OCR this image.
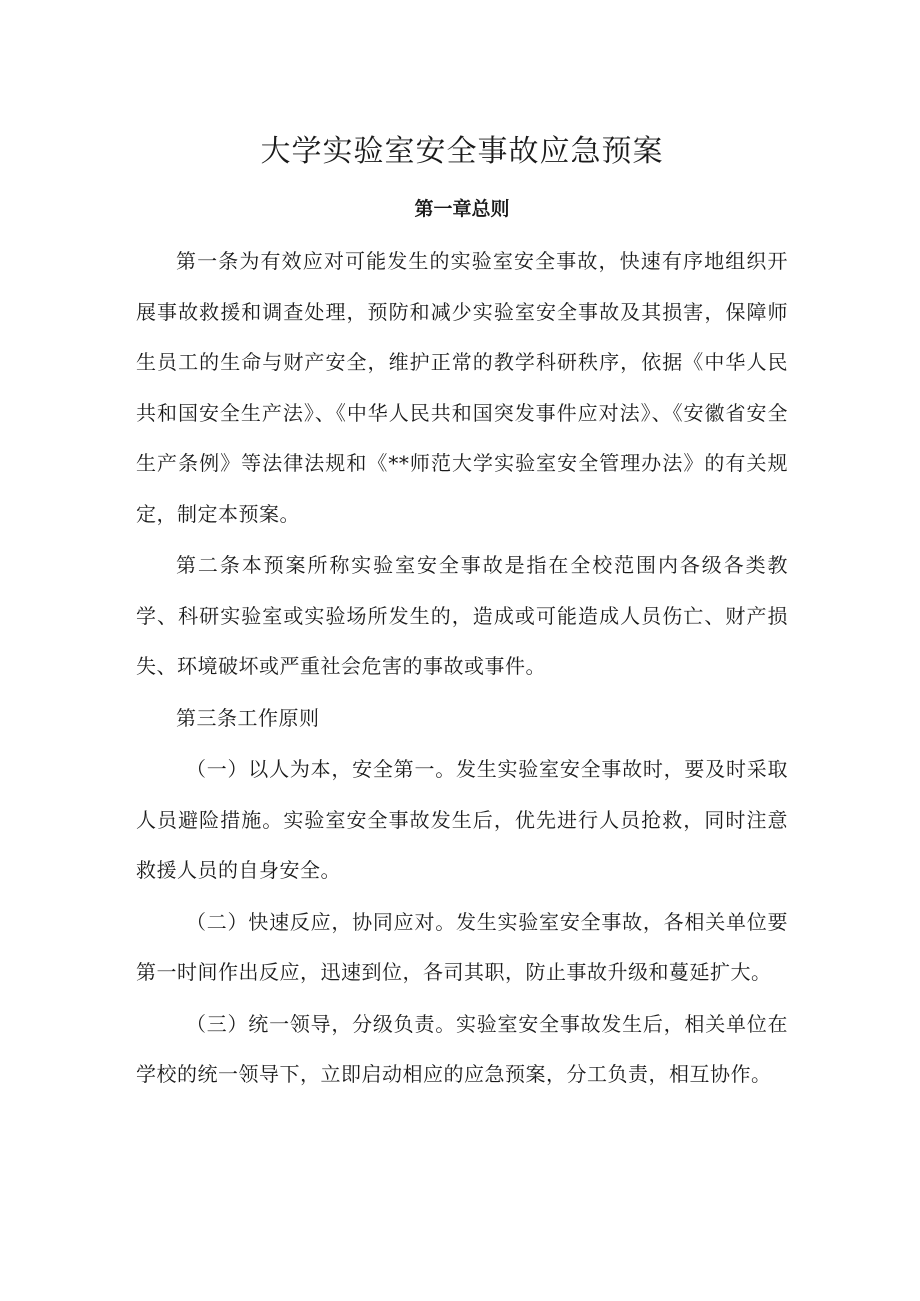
大学实验室安全事故应急预案
第一章总则

第一条为有效应对可能发生的实验室安全事故，快速有序地组织开展事故救援和调查处理，预防和减少实验室安全事故及其损害，保障师生员工的生命与财产安全，维护正常的教学科研秩序，依据《中华人民共和国安全生产法》、《中华人民共和国突发事件应对法》、《安徽省安全生产条例》等法律法规和《**师范大学实验室安全管理办法》的有关规定，制定本预案。

第二条本预案所称实验室安全事故是指在全校范围内各级各类教学、科研实验室或实验场所发生的，造成或可能造成人员伤亡、财产损失、环境破坏或严重社会危害的事故或事件。

第三条工作原则

（一）以人为本，安全第一。发生实验室安全事故时，要及时采取人员避险措施。实验室安全事故发生后，优先进行人员抢救，同时注意救援人员的自身安全。

（二）快速反应，协同应对。发生实验室安全事故，各相关单位要第一时间作出反应，迅速到位，各司其职，防止事故升级和蔓延扩大。

（三）统一领导，分级负责。实验室安全事故发生后，相关单位在学校的统一领导下，立即启动相应的应急预案，分工负责，相互协作。
